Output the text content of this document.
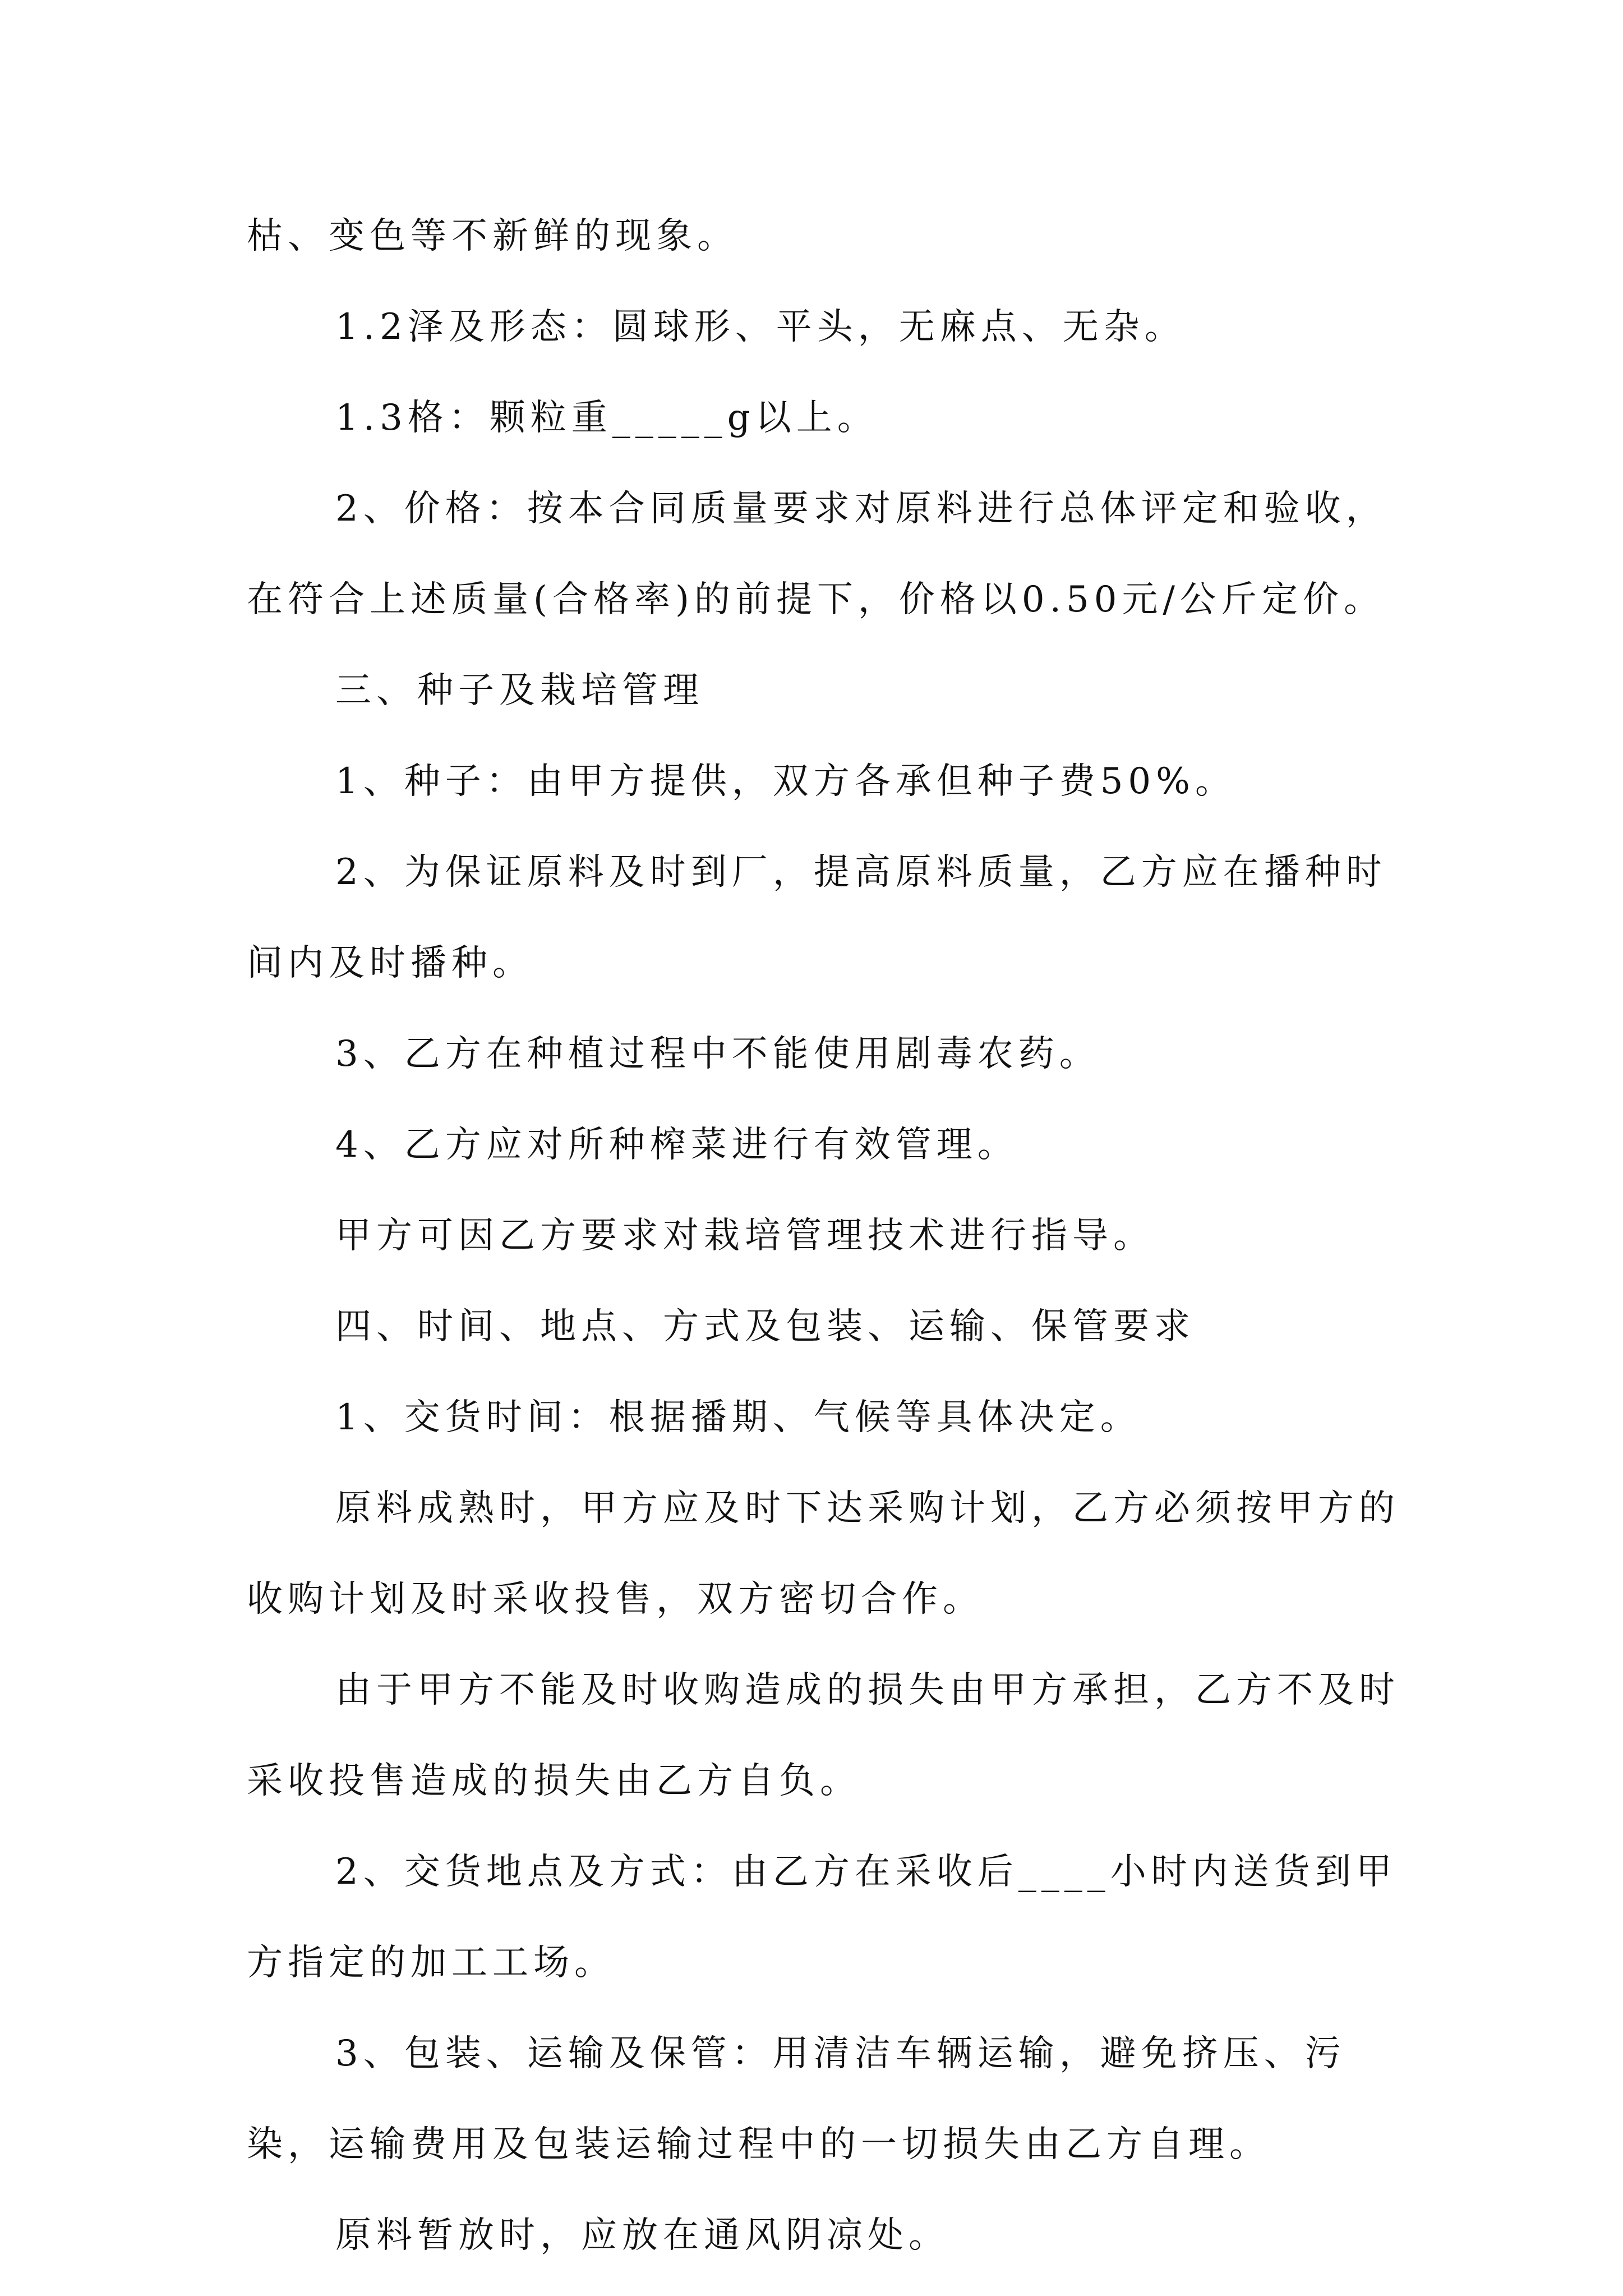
枯、变色等不新鲜的现象。

1.2泽及形态：圆球形、平头，无麻点、无杂。

1.3格：颗粒重_____g以上。

2、价格：按本合同质量要求对原料进行总体评定和验收，在符合上述质量(合格率)的前提下，价格以0.50元/公斤定价。

三、种子及栽培管理

1、种子：由甲方提供，双方各承但种子费50%。

2、为保证原料及时到厂，提高原料质量，乙方应在播种时间内及时播种。

3、乙方在种植过程中不能使用剧毒农药。

4、乙方应对所种榨菜进行有效管理。

甲方可因乙方要求对栽培管理技术进行指导。

四、时间、地点、方式及包装、运输、保管要求

1、交货时间：根据播期、气候等具体决定。

原料成熟时，甲方应及时下达采购计划，乙方必须按甲方的收购计划及时采收投售，双方密切合作。

由于甲方不能及时收购造成的损失由甲方承担，乙方不及时采收投售造成的损失由乙方自负。

2、交货地点及方式：由乙方在采收后____小时内送货到甲方指定的加工工场。

3、包装、运输及保管：用清洁车辆运输，避免挤压、污染，运输费用及包装运输过程中的一切损失由乙方自理。

原料暂放时，应放在通风阴凉处。
